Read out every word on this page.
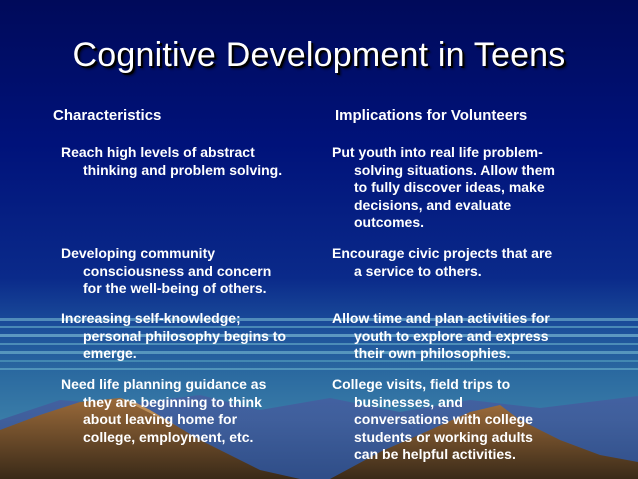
Cognitive Development in Teens
Characteristics	Implications for Volunteers
Reach high levels of abstract
thinking and problem solving.
Put youth into real life problem-
solving situations. Allow them
to fully discover ideas, make
decisions, and evaluate
outcomes.
Developing community
consciousness and concern
for the well-being of others.
Encourage civic projects that are
a service to others.
Increasing self-knowledge;
personal philosophy begins to
emerge.
Allow time and plan activities for
youth to explore and express
their own philosophies.
Need life planning guidance as
they are beginning to think
about leaving home for
college, employment, etc.
College visits, field trips to
businesses, and
conversations with college
students or working adults
can be helpful activities.
